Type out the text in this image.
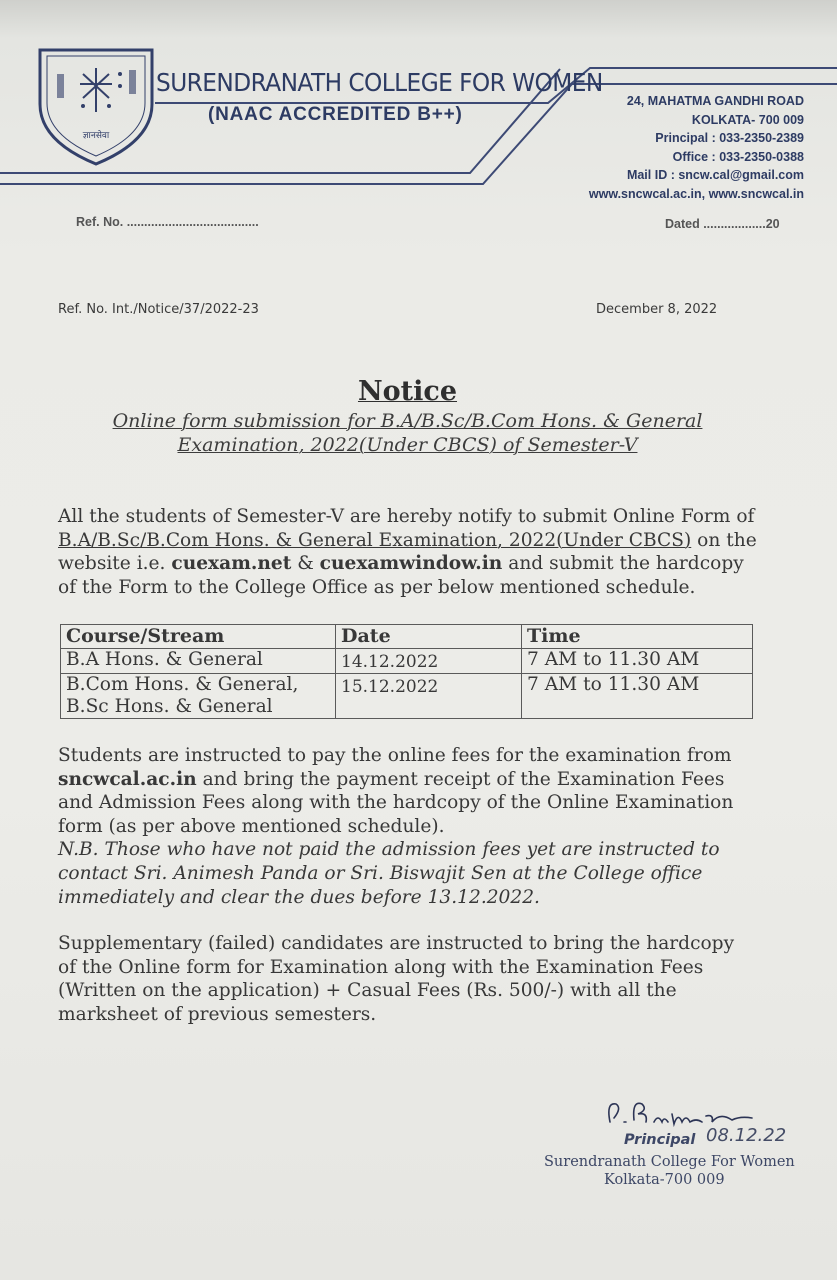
ज्ञानसेवा
SURENDRANATH COLLEGE FOR WOMEN
(NAAC ACCREDITED B++)
24, MAHATMA GANDHI ROAD
KOLKATA- 700 009
Principal : 033-2350-2389
Office : 033-2350-0388
Mail ID : sncw.cal@gmail.com
www.sncwcal.ac.in, www.sncwcal.in
Ref. No. ......................................	Dated ..................20
Ref. No. Int./Notice/37/2022-23	December 8, 2022
Notice
Online form submission for B.A/B.Sc/B.Com Hons. & General
Examination, 2022(Under CBCS) of Semester-V
All the students of Semester-V are hereby notify to submit Online Form of B.A/B.Sc/B.Com Hons. & General Examination, 2022(Under CBCS) on the website i.e. cuexam.net & cuexamwindow.in and submit the hardcopy of the Form to the College Office as per below mentioned schedule.
Course/Stream	Date	Time
B.A Hons. & General	14.12.2022	7 AM to 11.30 AM

B.Com Hons. & General,
B.Sc Hons. & General	15.12.2022	7 AM to 11.30 AM
Students are instructed to pay the online fees for the examination from sncwcal.ac.in and bring the payment receipt of the Examination Fees and Admission Fees along with the hardcopy of the Online Examination form (as per above mentioned schedule).
N.B. Those who have not paid the admission fees yet are instructed to contact Sri. Animesh Panda or Sri. Biswajit Sen at the College office immediately and clear the dues before 13.12.2022.
Supplementary (failed) candidates are instructed to bring the hardcopy of the Online form for Examination along with the Examination Fees (Written on the application) + Casual Fees (Rs. 500/-) with all the marksheet of previous semesters.
Principal 08.12.22
Surendranath College For Women
Kolkata-700 009
